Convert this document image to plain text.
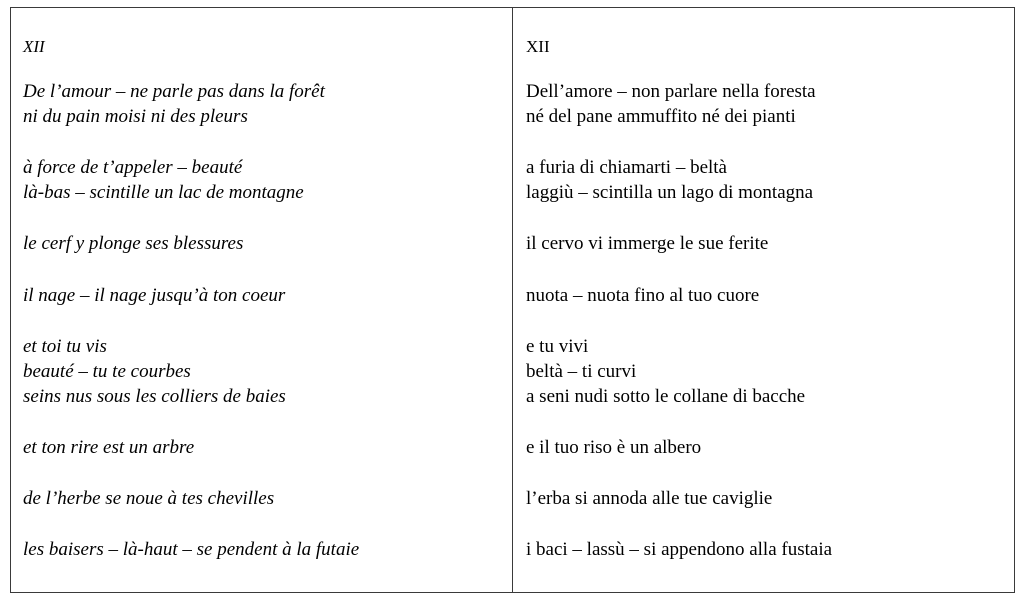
XII
De l’amour – ne parle pas dans la forêt
ni du pain moisi ni des pleurs
à force de t’appeler – beauté
là-bas – scintille un lac de montagne
le cerf y plonge ses blessures
il nage – il nage jusqu’à ton coeur
et toi tu vis
beauté – tu te courbes
seins nus sous les colliers de baies
et ton rire est un arbre
de l’herbe se noue à tes chevilles
les baisers – là-haut – se pendent à la futaie
XII
Dell’amore – non parlare nella foresta
né del pane ammuffito né dei pianti
a furia di chiamarti – beltà
laggiù – scintilla un lago di montagna
il cervo vi immerge le sue ferite
nuota – nuota fino al tuo cuore
e tu vivi
beltà – ti curvi
a seni nudi sotto le collane di bacche
e il tuo riso è un albero
l’erba si annoda alle tue caviglie
i baci – lassù – si appendono alla fustaia
